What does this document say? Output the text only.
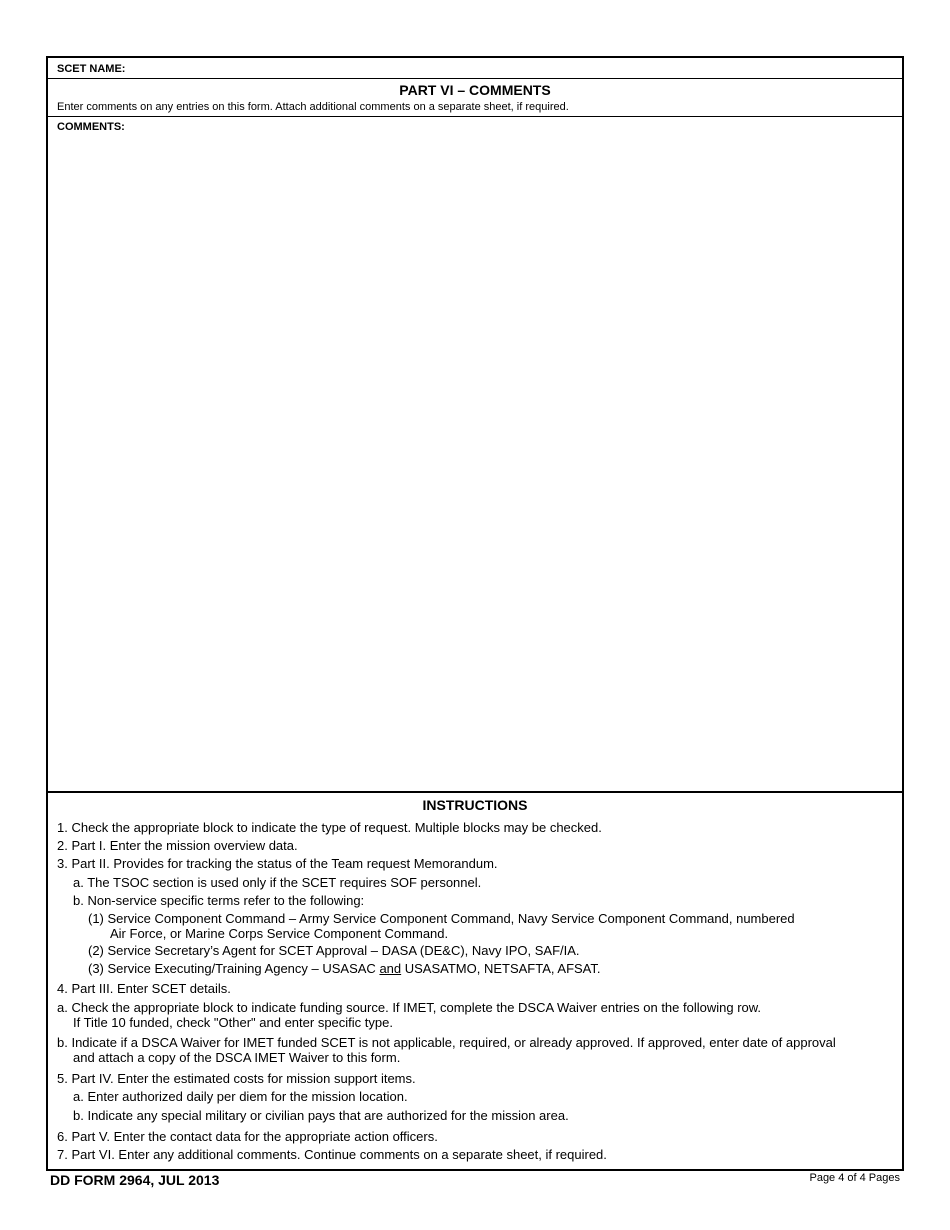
SCET NAME:
PART VI – COMMENTS
Enter comments on any entries on this form. Attach additional comments on a separate sheet, if required.
COMMENTS:
INSTRUCTIONS
1. Check the appropriate block to indicate the type of request. Multiple blocks may be checked.
2. Part I. Enter the mission overview data.
3. Part II. Provides for tracking the status of the Team request Memorandum.
a. The TSOC section is used only if the SCET requires SOF personnel.
b. Non-service specific terms refer to the following:
(1) Service Component Command – Army Service Component Command, Navy Service Component Command, numbered
Air Force, or Marine Corps Service Component Command.
(2) Service Secretary’s Agent for SCET Approval – DASA (DE&C), Navy IPO, SAF/IA.
(3) Service Executing/Training Agency – USASAC and USASATMO, NETSAFTA, AFSAT.
4. Part III. Enter SCET details.
a. Check the appropriate block to indicate funding source. If IMET, complete the DSCA Waiver entries on the following row.
If Title 10 funded, check "Other" and enter specific type.
b. Indicate if a DSCA Waiver for IMET funded SCET is not applicable, required, or already approved. If approved, enter date of approval
and attach a copy of the DSCA IMET Waiver to this form.
5. Part IV. Enter the estimated costs for mission support items.
a. Enter authorized daily per diem for the mission location.
b. Indicate any special military or civilian pays that are authorized for the mission area.
6. Part V. Enter the contact data for the appropriate action officers.
7. Part VI. Enter any additional comments. Continue comments on a separate sheet, if required.
DD FORM 2964, JUL 2013	Page 4 of 4 Pages
